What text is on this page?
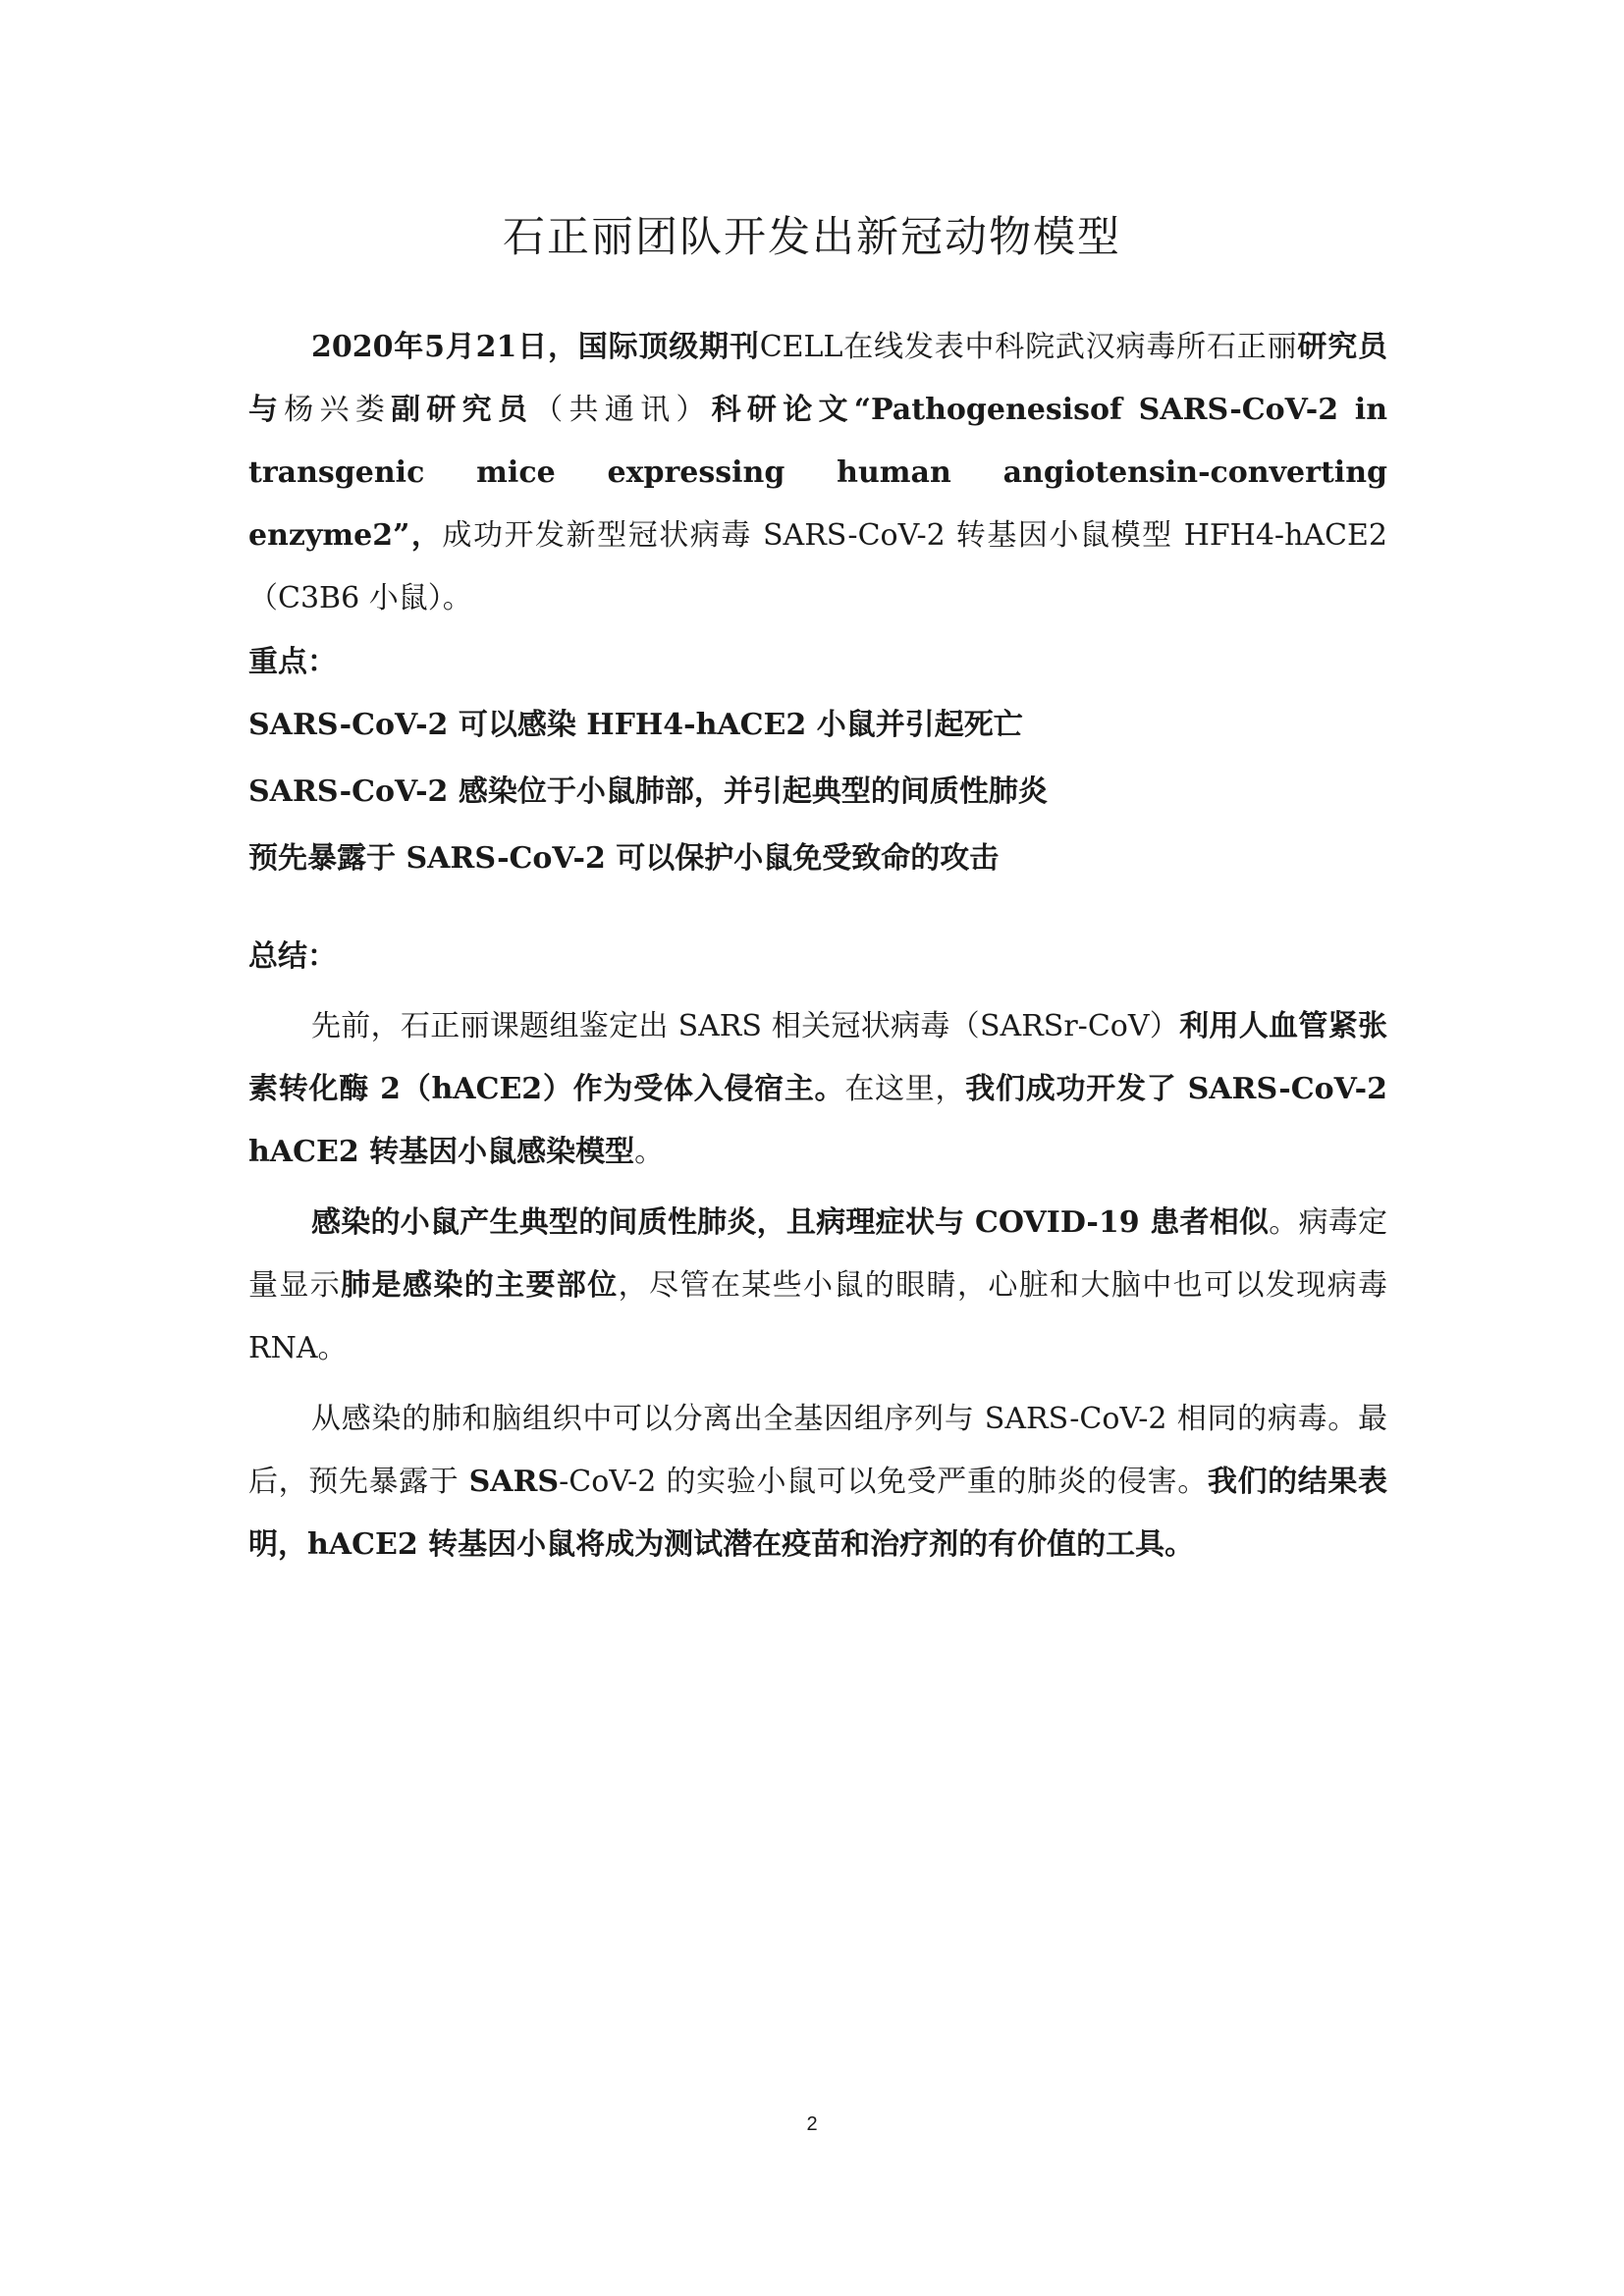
石正丽团队开发出新冠动物模型

2020年5月21日，国际顶级期刊CELL在线发表中科院武汉病毒所石正丽研究员与杨兴娄副研究员（共通讯）科研论文“Pathogenesisof SARS-CoV-2 in transgenic mice expressing human angiotensin-converting enzyme2”，成功开发新型冠状病毒 SARS-CoV-2 转基因小鼠模型 HFH4-hACE2（C3B6 小鼠）。

重点：

SARS-CoV-2 可以感染 HFH4-hACE2 小鼠并引起死亡
SARS-CoV-2 感染位于小鼠肺部，并引起典型的间质性肺炎
预先暴露于 SARS-CoV-2 可以保护小鼠免受致命的攻击

总结：

先前，石正丽课题组鉴定出 SARS 相关冠状病毒（SARSr-CoV）利用人血管紧张素转化酶 2（hACE2）作为受体入侵宿主。在这里，我们成功开发了 SARS-CoV-2 hACE2 转基因小鼠感染模型。

感染的小鼠产生典型的间质性肺炎，且病理症状与 COVID-19 患者相似。病毒定量显示肺是感染的主要部位，尽管在某些小鼠的眼睛，心脏和大脑中也可以发现病毒 RNA。

从感染的肺和脑组织中可以分离出全基因组序列与 SARS-CoV-2 相同的病毒。最后，预先暴露于 SARS-CoV-2 的实验小鼠可以免受严重的肺炎的侵害。我们的结果表明，hACE2 转基因小鼠将成为测试潜在疫苗和治疗剂的有价值的工具。

2
